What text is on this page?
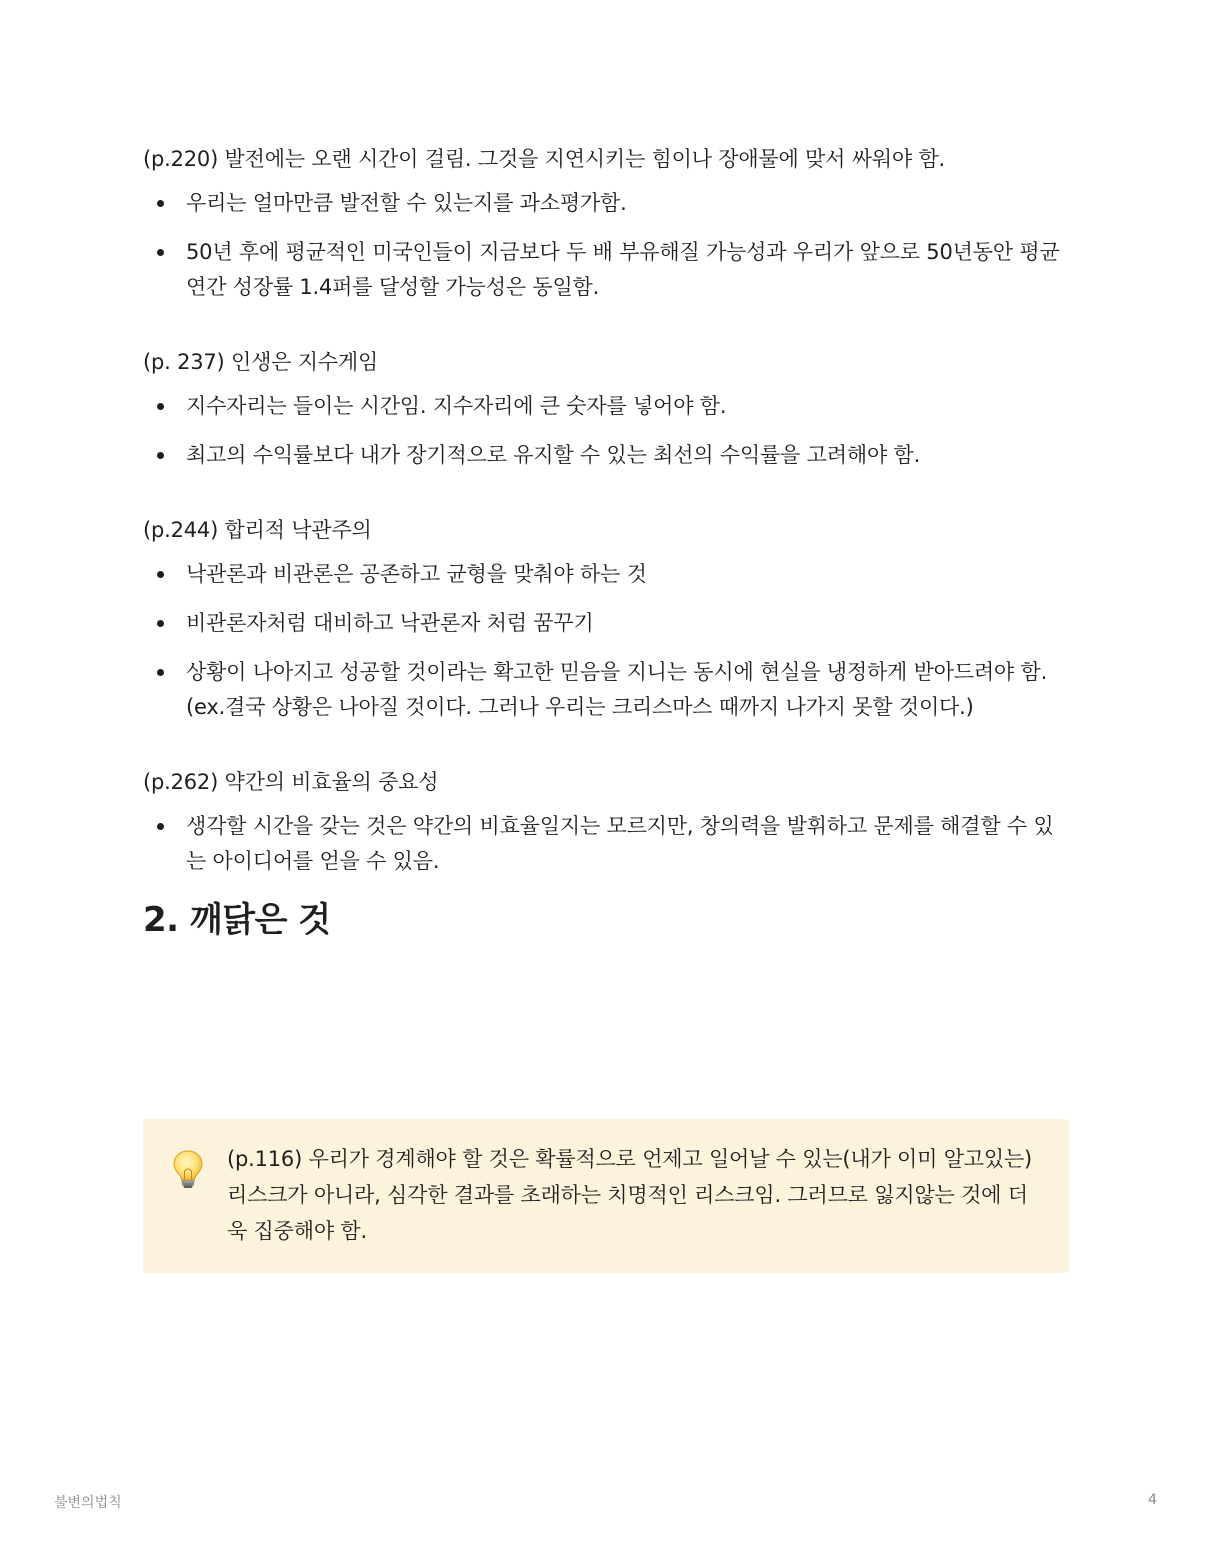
(p.220) 발전에는 오랜 시간이 걸림. 그것을 지연시키는 힘이나 장애물에 맞서 싸워야 함.

우리는 얼마만큼 발전할 수 있는지를 과소평가함.
50년 후에 평균적인 미국인들이 지금보다 두 배 부유해질 가능성과 우리가 앞으로 50년동안 평균 연간 성장률 1.4퍼를 달성할 가능성은 동일함.

(p. 237) 인생은 지수게임

지수자리는 들이는 시간임. 지수자리에 큰 숫자를 넣어야 함.
최고의 수익률보다 내가 장기적으로 유지할 수 있는 최선의 수익률을 고려해야 함.

(p.244) 합리적 낙관주의

낙관론과 비관론은 공존하고 균형을 맞춰야 하는 것
비관론자처럼 대비하고 낙관론자 처럼 꿈꾸기
상황이 나아지고 성공할 것이라는 확고한 믿음을 지니는 동시에 현실을 냉정하게 받아드려야 함.(ex.결국 상황은 나아질 것이다. 그러나 우리는 크리스마스 때까지 나가지 못할 것이다.)

(p.262) 약간의 비효율의 중요성

생각할 시간을 갖는 것은 약간의 비효율일지는 모르지만, 창의력을 발휘하고 문제를 해결할 수 있는 아이디어를 얻을 수 있음.
2. 깨닭은 것

(p.116) 우리가 경계해야 할 것은 확률적으로 언제고 일어날 수 있는(내가 이미 알고있는) 리스크가 아니라, 심각한 결과를 초래하는 치명적인 리스크임. 그러므로 잃지않는 것에 더욱 집중해야 함.

불변의법칙	4
